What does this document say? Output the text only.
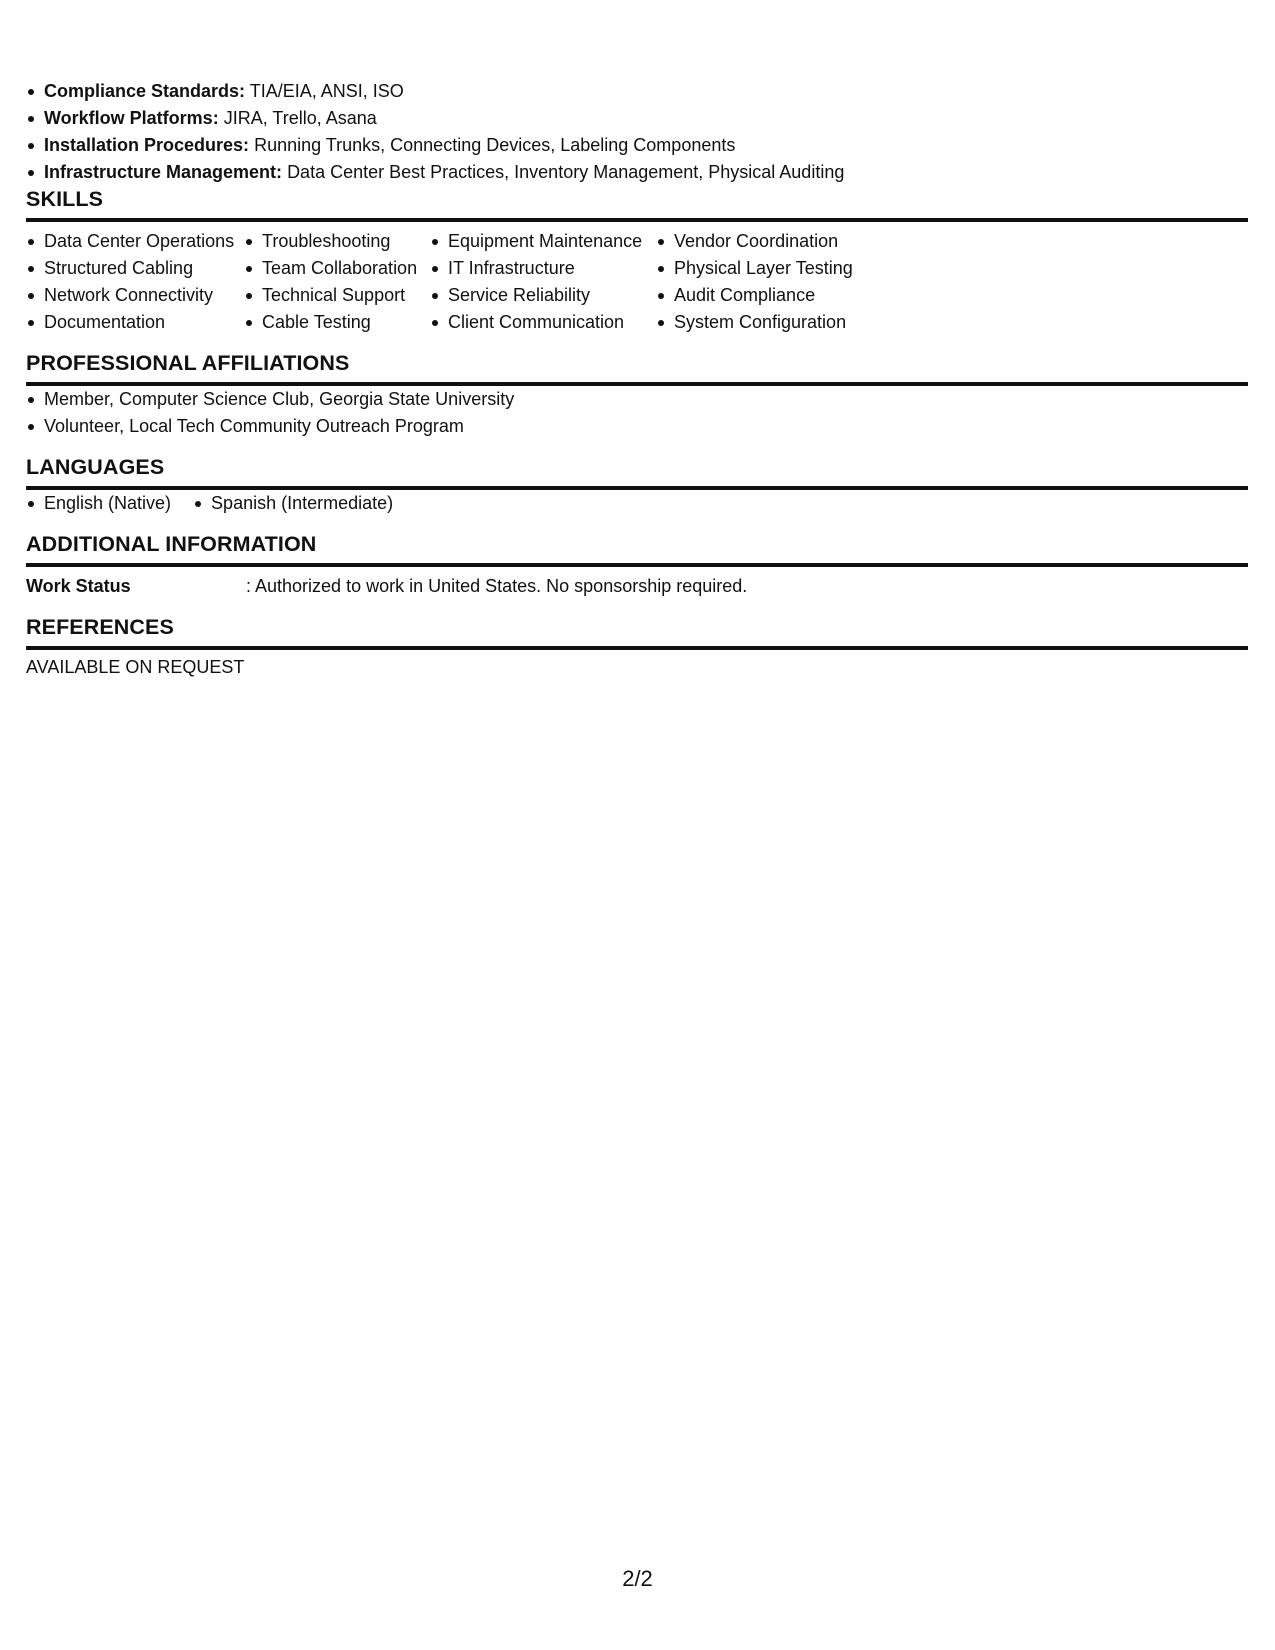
Compliance Standards: TIA/EIA, ANSI, ISO
Workflow Platforms: JIRA, Trello, Asana
Installation Procedures: Running Trunks, Connecting Devices, Labeling Components
Infrastructure Management: Data Center Best Practices, Inventory Management, Physical Auditing
SKILLS
Data Center Operations
Structured Cabling
Network Connectivity
Documentation
Troubleshooting
Team Collaboration
Technical Support
Cable Testing
Equipment Maintenance
IT Infrastructure
Service Reliability
Client Communication
Vendor Coordination
Physical Layer Testing
Audit Compliance
System Configuration
PROFESSIONAL AFFILIATIONS
Member, Computer Science Club, Georgia State University
Volunteer, Local Tech Community Outreach Program
LANGUAGES
English (Native)	Spanish (Intermediate)
ADDITIONAL INFORMATION
Work Status	: Authorized to work in United States. No sponsorship required.
REFERENCES
AVAILABLE ON REQUEST
2/2
